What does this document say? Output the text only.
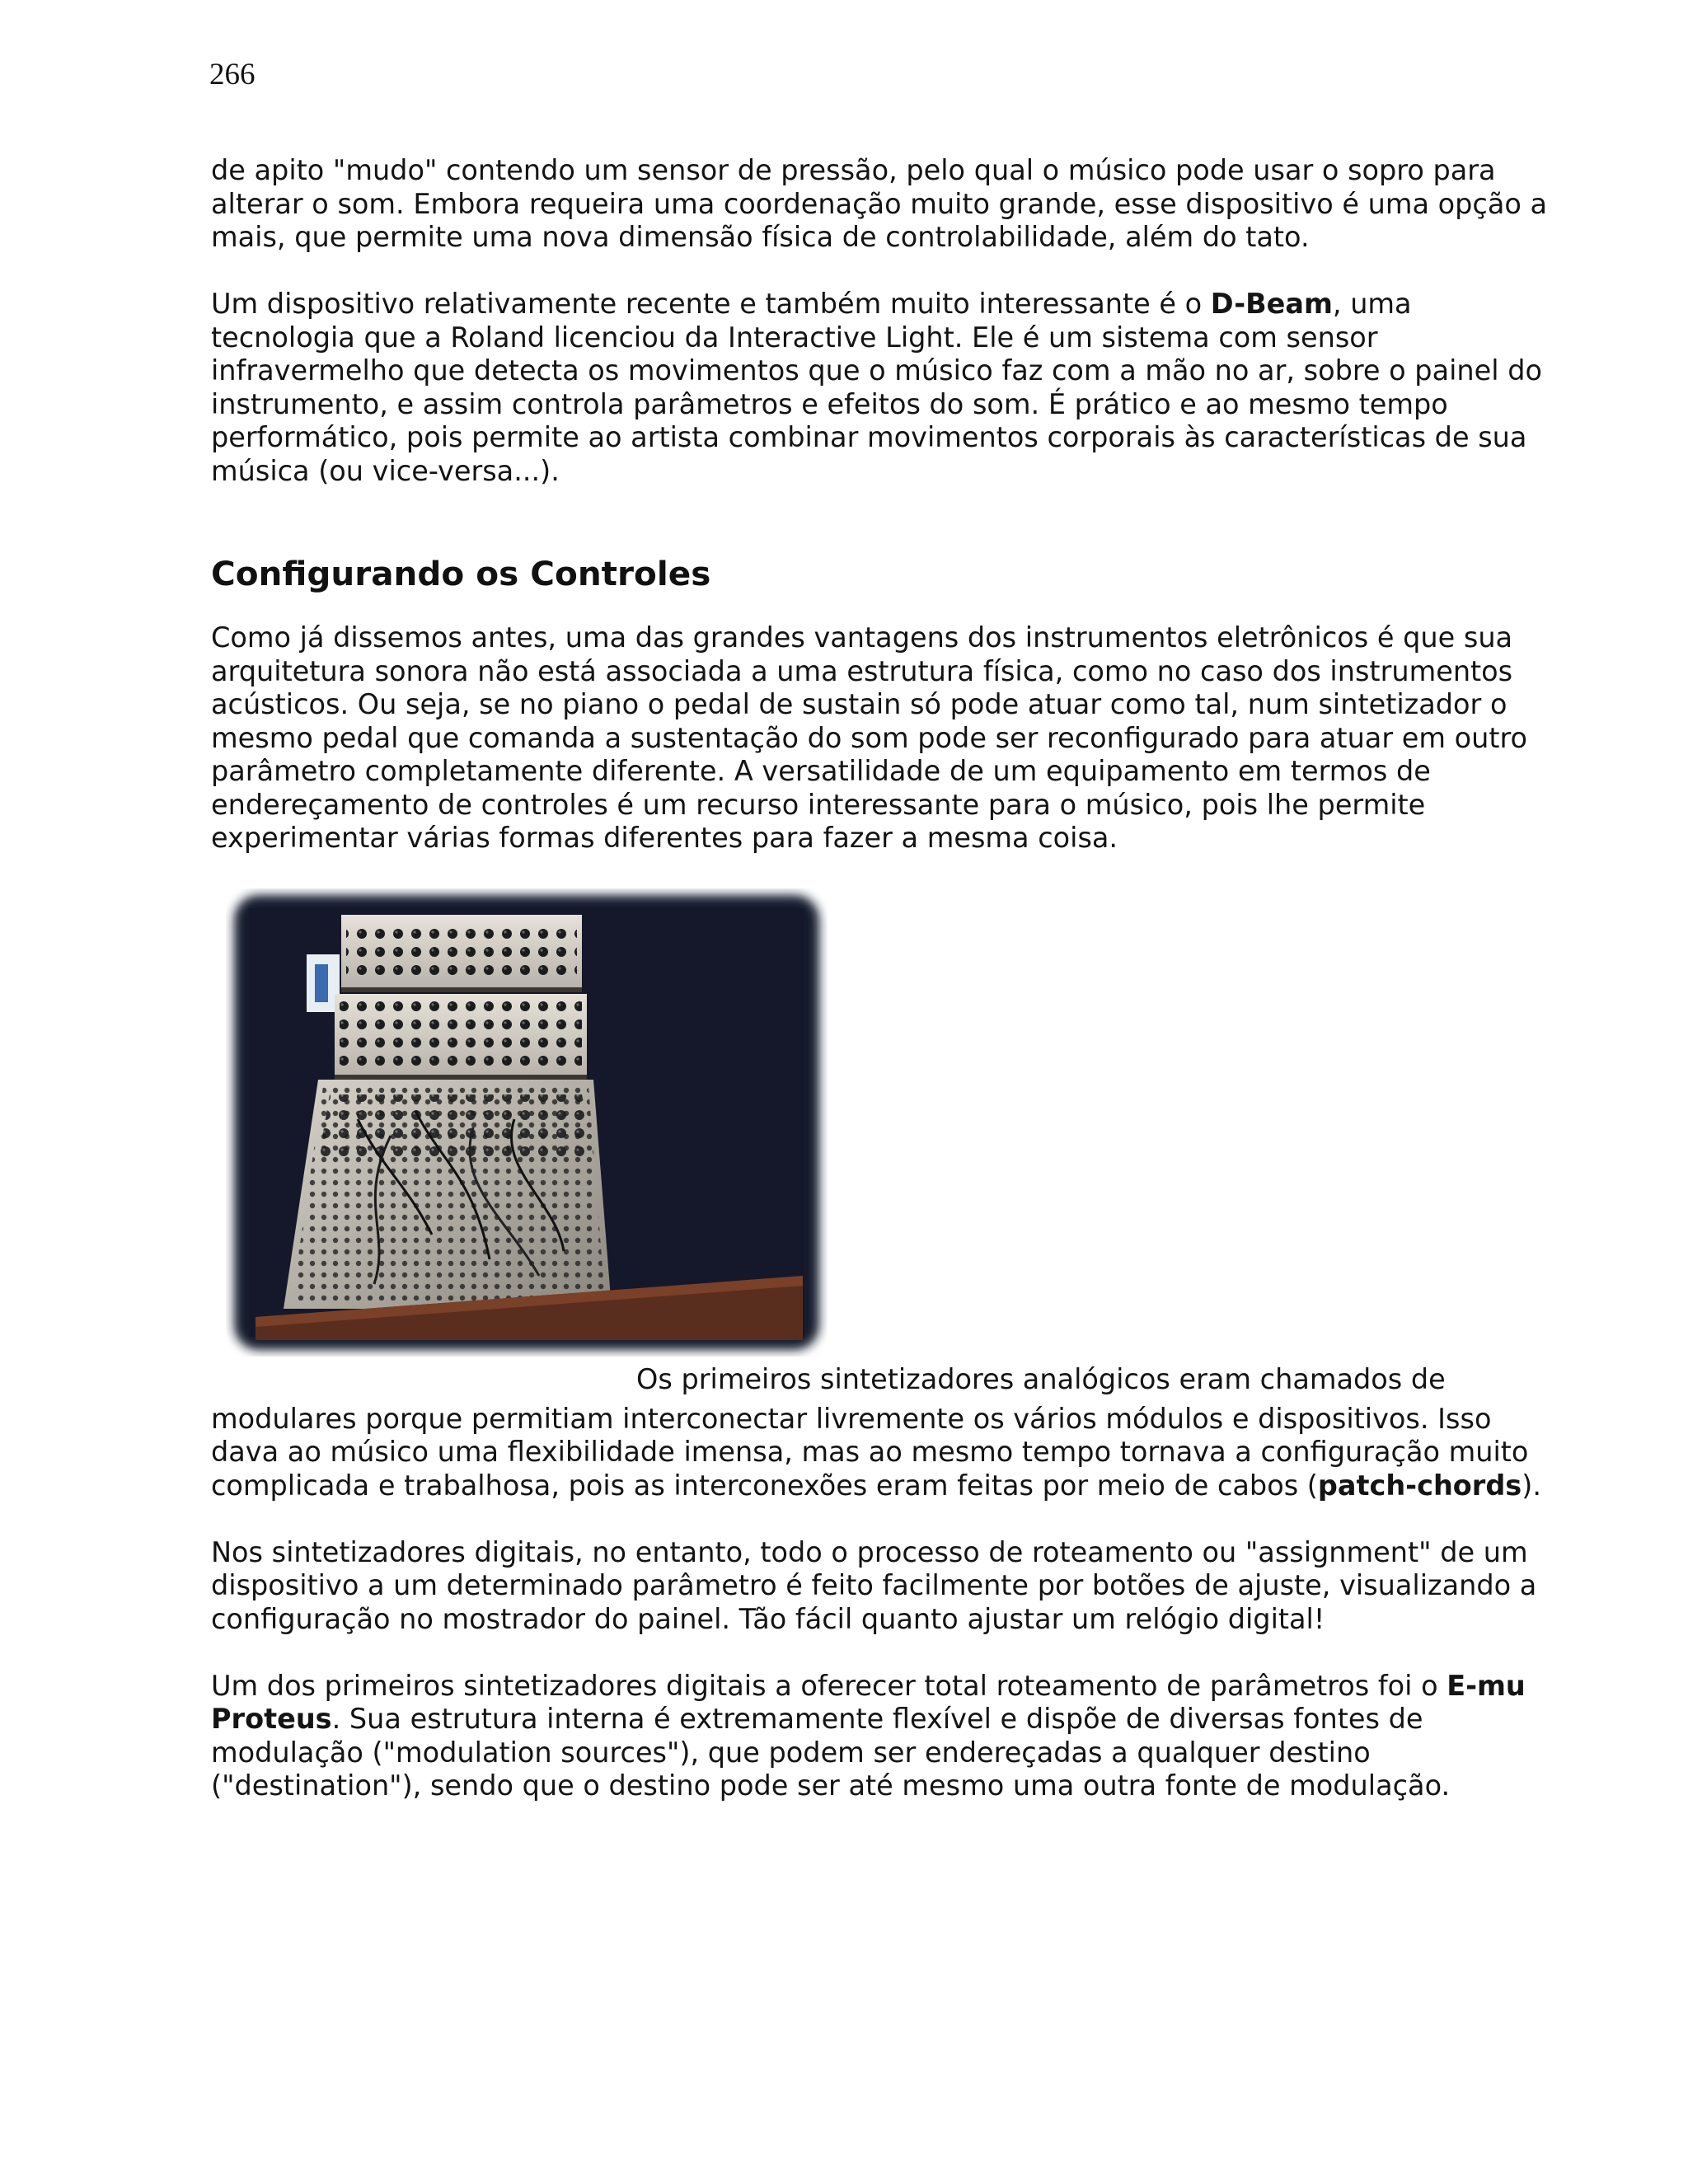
266

de apito "mudo" contendo um sensor de pressão, pelo qual o músico pode usar o sopro para alterar o som. Embora requeira uma coordenação muito grande, esse dispositivo é uma opção a mais, que permite uma nova dimensão física de controlabilidade, além do tato.

Um dispositivo relativamente recente e também muito interessante é o D-Beam, uma tecnologia que a Roland licenciou da Interactive Light. Ele é um sistema com sensor infravermelho que detecta os movimentos que o músico faz com a mão no ar, sobre o painel do instrumento, e assim controla parâmetros e efeitos do som. É prático e ao mesmo tempo performático, pois permite ao artista combinar movimentos corporais às características de sua música (ou vice-versa...).

Configurando os Controles

Como já dissemos antes, uma das grandes vantagens dos instrumentos eletrônicos é que sua arquitetura sonora não está associada a uma estrutura física, como no caso dos instrumentos acústicos. Ou seja, se no piano o pedal de sustain só pode atuar como tal, num sintetizador o mesmo pedal que comanda a sustentação do som pode ser reconfigurado para atuar em outro parâmetro completamente diferente. A versatilidade de um equipamento em termos de endereçamento de controles é um recurso interessante para o músico, pois lhe permite experimentar várias formas diferentes para fazer a mesma coisa.

Os primeiros sintetizadores analógicos eram chamados de

modulares porque permitiam interconectar livremente os vários módulos e dispositivos. Isso dava ao músico uma flexibilidade imensa, mas ao mesmo tempo tornava a configuração muito complicada e trabalhosa, pois as interconexões eram feitas por meio de cabos (patch-chords).

Nos sintetizadores digitais, no entanto, todo o processo de roteamento ou "assignment" de um dispositivo a um determinado parâmetro é feito facilmente por botões de ajuste, visualizando a configuração no mostrador do painel. Tão fácil quanto ajustar um relógio digital!

Um dos primeiros sintetizadores digitais a oferecer total roteamento de parâmetros foi o E-mu Proteus. Sua estrutura interna é extremamente flexível e dispõe de diversas fontes de modulação ("modulation sources"), que podem ser endereçadas a qualquer destino ("destination"), sendo que o destino pode ser até mesmo uma outra fonte de modulação.
